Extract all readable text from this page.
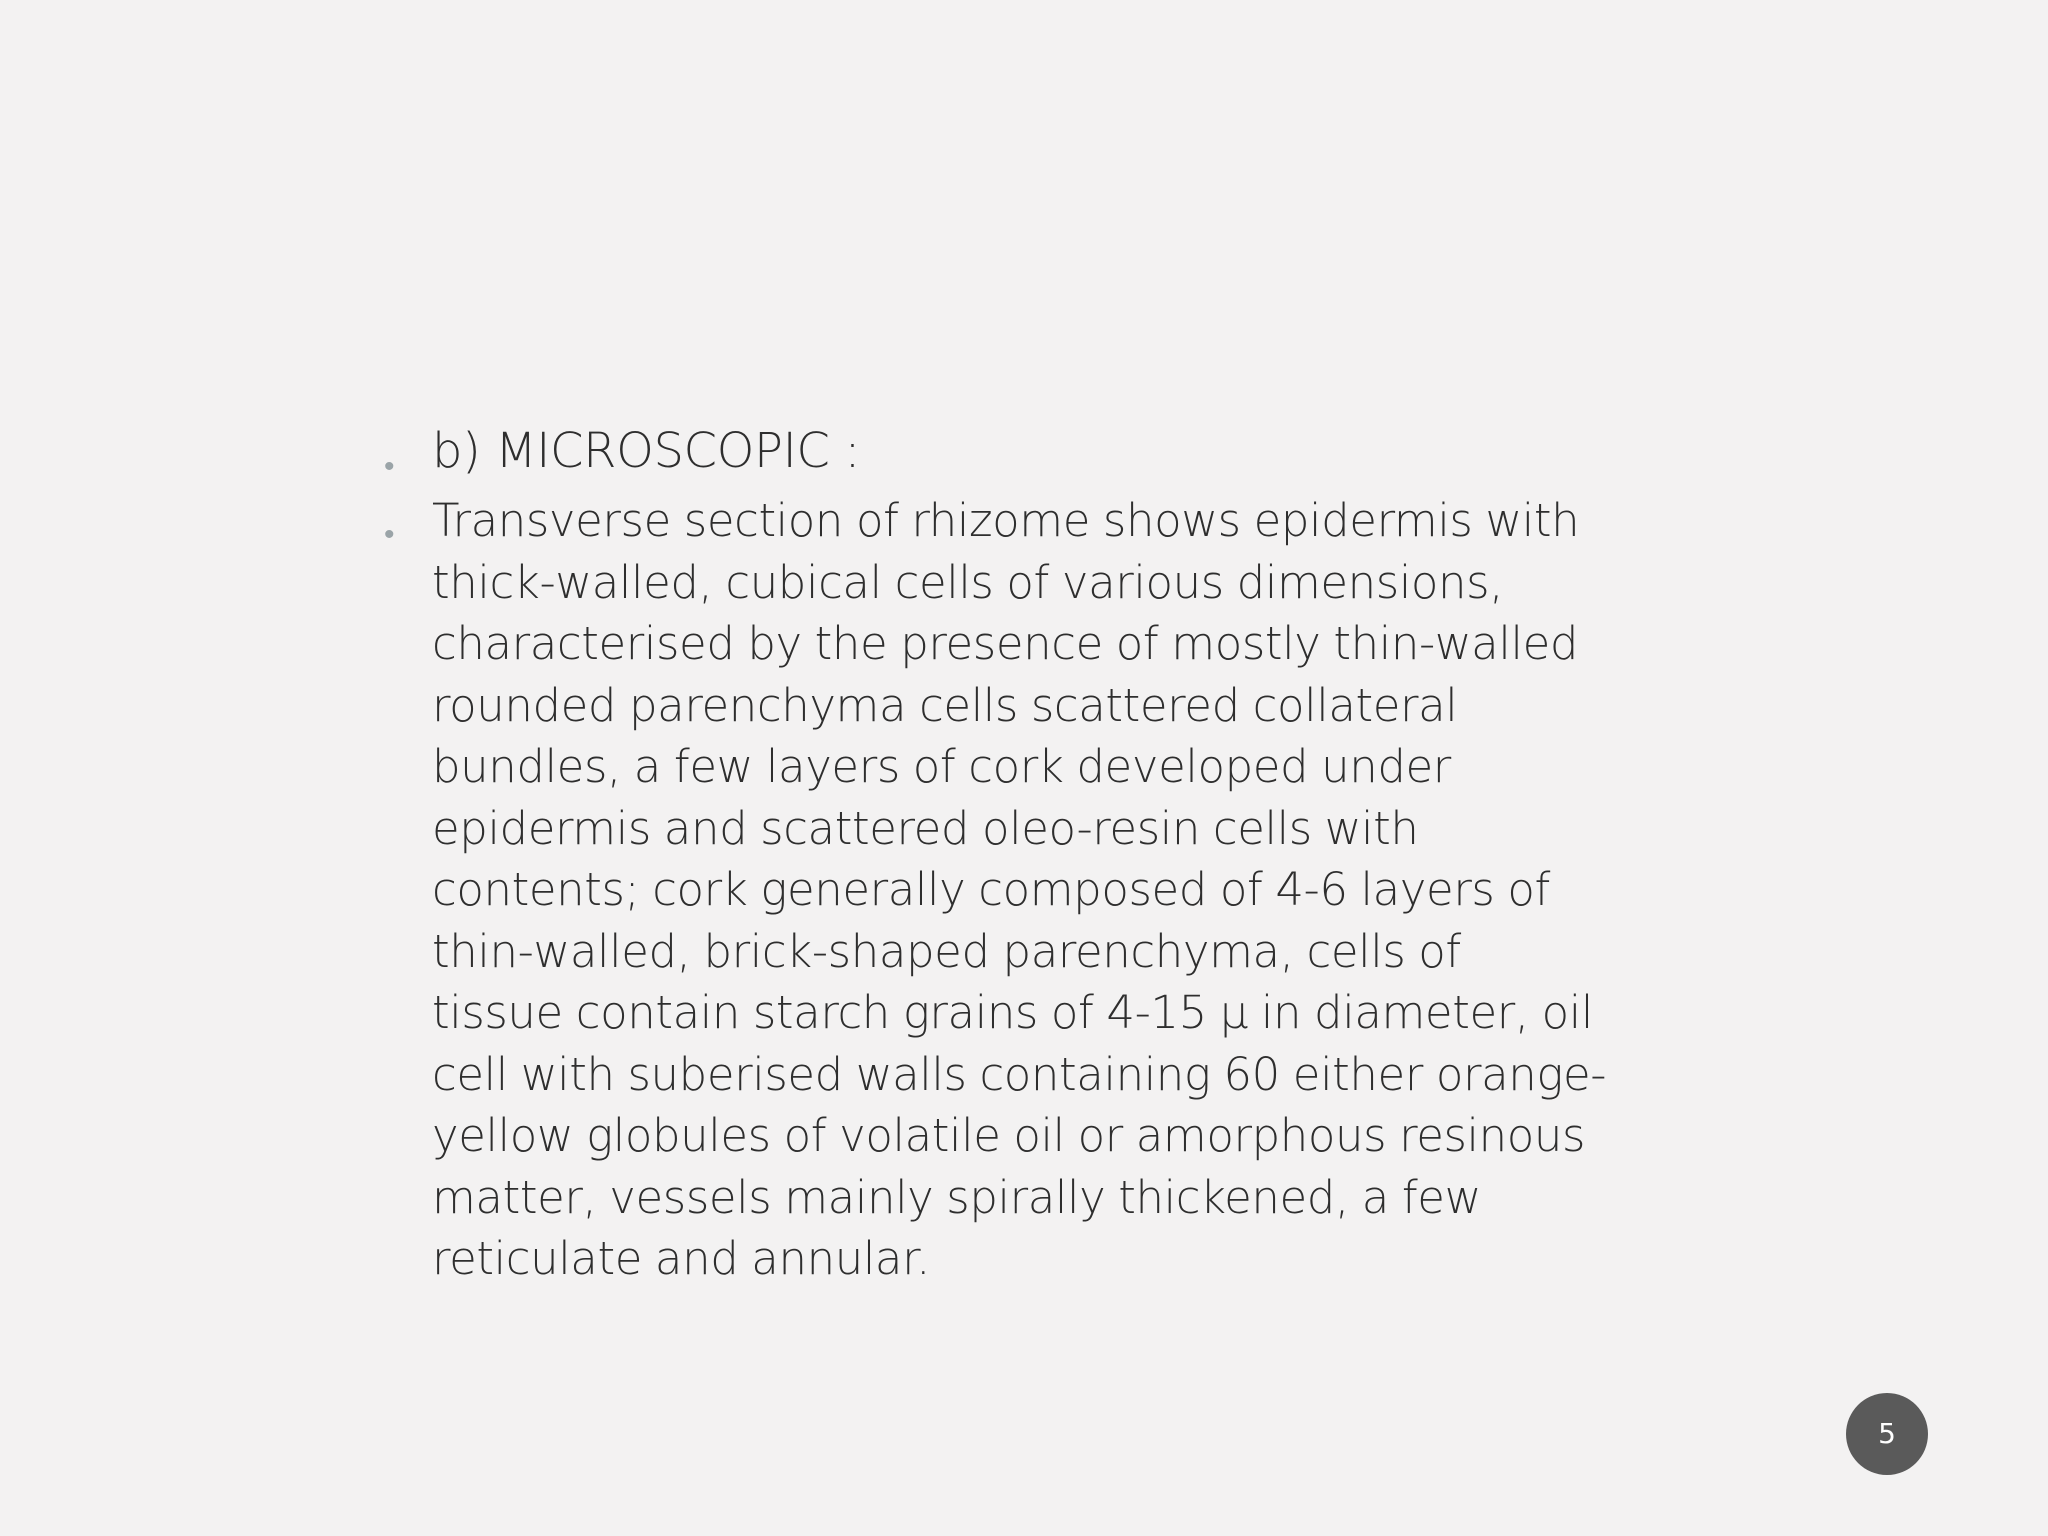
• b) MICROSCOPIC :
• Transverse section of rhizome shows epidermis with
thick-walled, cubical cells of various dimensions,
characterised by the presence of mostly thin-walled
rounded parenchyma cells scattered collateral
bundles, a few layers of cork developed under
epidermis and scattered oleo-resin cells with
contents; cork generally composed of 4-6 layers of
thin-walled, brick-shaped parenchyma, cells of
tissue contain starch grains of 4-15 μ in diameter, oil
cell with suberised walls containing 60 either orange-
yellow globules of volatile oil or amorphous resinous
matter, vessels mainly spirally thickened, a few
reticulate and annular.
5
